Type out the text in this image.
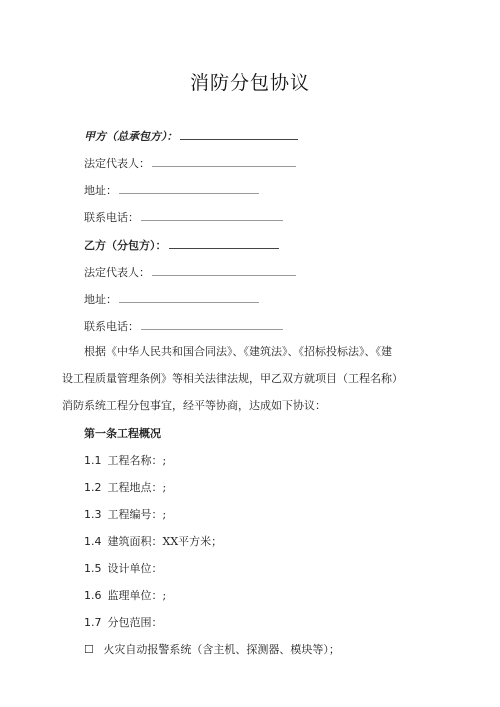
消防分包协议
甲方（总承包方）：
法定代表人：
地址：
联系电话：
乙方（分包方）：
法定代表人：
地址：
联系电话：
根据《中华人民共和国合同法》、《建筑法》、《招标投标法》、《建
设工程质量管理条例》等相关法律法规，甲乙双方就项目（工程名称）
消防系统工程分包事宜，经平等协商，达成如下协议：
第一条工程概况
1.1 工程名称：;
1.2 工程地点：;
1.3 工程编号：;
1.4 建筑面积：XX平方米；
1.5 设计单位：
1.6 监理单位：;
1.7 分包范围：
☐ 火灾自动报警系统（含主机、探测器、模块等）；
